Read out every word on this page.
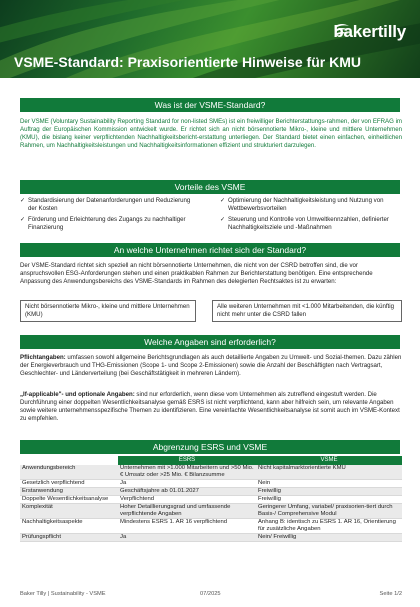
bakertilly
VSME-Standard: Praxisorientierte Hinweise für KMU
Was ist der VSME-Standard?

Der VSME (Voluntary Sustainability Reporting Standard for non-listed SMEs) ist ein freiwilliger Berichterstattungs-rahmen, der von EFRAG im Auftrag der Europäischen Kommission entwickelt wurde. Er richtet sich an nicht börsennotierte Mikro-, kleine und mittlere Unternehmen (KMU), die bislang keiner verpflichtenden Nachhaltigkeitsbericht-erstattung unterliegen. Der Standard bietet einen einfachen, einheitlichen Rahmen, um Nachhaltigkeitsleistungen und Nachhaltigkeitsinformationen effizient und strukturiert darzulegen.

Vorteile des VSME
✓ Standardisierung der Datenanforderungen und Reduzierung der Kosten
✓ Förderung und Erleichterung des Zugangs zu nachhaltiger Finanzierung
✓ Optimierung der Nachhaltigkeitsleistung und Nutzung von Wettbewerbsvorteilen
✓ Steuerung und Kontrolle von Umweltkennzahlen, definierter Nachhaltigkeitsziele und -Maßnahmen
An welche Unternehmen richtet sich der Standard?

Der VSME-Standard richtet sich speziell an nicht börsennotierte Unternehmen, die nicht von der CSRD betroffen sind, die vor anspruchsvollen ESG-Anforderungen stehen und einen praktikablen Rahmen zur Berichterstattung benötigen. Eine entsprechende Anpassung des Anwendungsbereichs des VSME-Standards im Rahmen des delegierten Rechtsaktes ist zu erwarten:

Nicht börsennotierte Mikro-, kleine und mittlere Unternehmen (KMU)
Alle weiteren Unternehmen mit <1.000 Mitarbeitenden, die künftig nicht mehr unter die CSRD fallen
Welche Angaben sind erforderlich?

Pflichtangaben: umfassen sowohl allgemeine Berichtsgrundlagen als auch detaillierte Angaben zu Umwelt- und Sozial-themen. Dazu zählen der Energieverbrauch und THG-Emissionen (Scope 1- und Scope 2-Emissionen) sowie die Anzahl der Beschäftigten nach Vertragsart, Geschlechter- und Länderverteilung (bei Geschäftstätigkeit in mehreren Ländern).

„If-applicable"- und optionale Angaben: sind nur erforderlich, wenn diese vom Unternehmen als zutreffend eingestuft werden. Die Durchführung einer doppelten Wesentlichkeitsanalyse gemäß ESRS ist nicht verpflichtend, kann aber hilfreich sein, um relevante Angaben sowie weitere unternehmensspezifische Themen zu identifizieren. Eine vereinfachte Wesentlichkeitsanalyse ist somit auch im VSME-Kontext zu empfehlen.

Abgrenzung ESRS und VSME
	ESRS	VSME
Anwendungsbereich	Unternehmen mit >1.000 Mitarbeitern und >50 Mio. € Umsatz oder >25 Mio. € Bilanzsumme	Nicht kapitalmarktorientierte KMU
Gesetzlich verpflichtend	Ja	Nein
Erstanwendung	Geschäftsjahre ab 01.01.2027	Freiwillig
Doppelte Wesentlichkeitsanalyse	Verpflichtend	Freiwillig
Komplexität	Hoher Detaillierungsgrad und umfassende verpflichtende Angaben	Geringerer Umfang, variabel/ praxisorien-tiert durch Basis-/ Comprehensive Modul
Nachhaltigkeitsaspekte	Mindestens ESRS 1. AR 16 verpflichtend	Anhang B: identisch zu ESRS 1. AR 16, Orientierung für zusätzliche Angaben
Prüfungspflicht	Ja	Nein/ Freiwillig
Baker Tilly | Sustainability - VSME	07/2025	Seite 1/2
